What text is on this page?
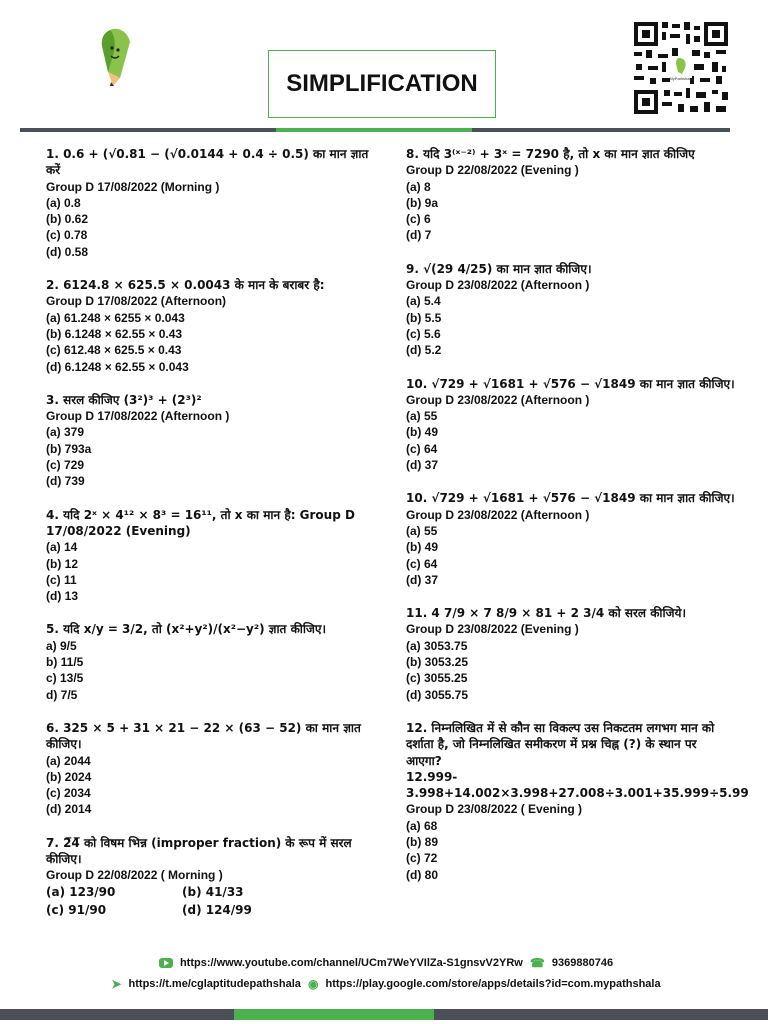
SIMPLIFICATION	MyPathshala
1. 0.6 + (√0.81 − (√0.0144 + 0.4 ÷ 0.5) का मान ज्ञात करें
Group D 17/08/2022 (Morning )
(a) 0.8
(b) 0.62
(c) 0.78
(d) 0.58
2. 6124.8 × 625.5 × 0.0043 के मान के बराबर है:
Group D 17/08/2022 (Afternoon)
(a) 61.248 × 6255 × 0.043
(b) 6.1248 × 62.55 × 0.43
(c) 612.48 × 625.5 × 0.43
(d) 6.1248 × 62.55 × 0.043
3. सरल कीजिए (3²)³ + (2³)²
Group D 17/08/2022 (Afternoon )
(a) 379
(b) 793a
(c) 729
(d) 739
4. यदि 2ˣ × 4¹² × 8³ = 16¹¹, तो x का मान है: Group D 17/08/2022 (Evening)
(a) 14
(b) 12
(c) 11
(d) 13
5. यदि x/y = 3/2, तो (x²+y²)/(x²−y²) ज्ञात कीजिए।
a) 9/5
b) 11/5
c) 13/5
d) 7/5
6. 325 × 5 + 31 × 21 − 22 × (63 − 52) का मान ज्ञात कीजिए।
(a) 2044
(b) 2024
(c) 2034
(d) 2014
7. 2̅4̅ को विषम भिन्न (improper fraction) के रूप में सरल कीजिए।
Group D 22/08/2022 ( Morning )
(a) 123/90	(b) 41/33
(c) 91/90	(d) 124/99
8. यदि 3⁽ˣ⁻²⁾ + 3ˣ = 7290 है, तो x का मान ज्ञात कीजिए
Group D 22/08/2022 (Evening )
(a) 8
(b) 9a
(c) 6
(d) 7
9. √(29 4/25) का मान ज्ञात कीजिए।
Group D 23/08/2022 (Afternoon )
(a) 5.4
(b) 5.5
(c) 5.6
(d) 5.2
10. √729 + √1681 + √576 − √1849 का मान ज्ञात कीजिए।
Group D 23/08/2022 (Afternoon )
(a) 55
(b) 49
(c) 64
(d) 37
10. √729 + √1681 + √576 − √1849 का मान ज्ञात कीजिए।
Group D 23/08/2022 (Afternoon )
(a) 55
(b) 49
(c) 64
(d) 37
11. 4 7/9 × 7 8/9 × 81 + 2 3/4 को सरल कीजिये।
Group D 23/08/2022 (Evening )
(a) 3053.75
(b) 3053.25
(c) 3055.25
(d) 3055.75
12. निम्नलिखित में से कौन सा विकल्प उस निकटतम लगभग मान को दर्शाता है, जो निम्नलिखित समीकरण में प्रश्न चिह्न (?) के स्थान पर आएगा?
12.999-3.998+14.002×3.998+27.008÷3.001+35.999÷5.99
Group D 23/08/2022 ( Evening )
(a) 68
(b) 89
(c) 72
(d) 80
https://www.youtube.com/channel/UCm7WeYVIlZa-S1gnsvV2YRw ☎ 9369880746
➤ https://t.me/cglaptitudepathshala ◉ https://play.google.com/store/apps/details?id=com.mypathshala
